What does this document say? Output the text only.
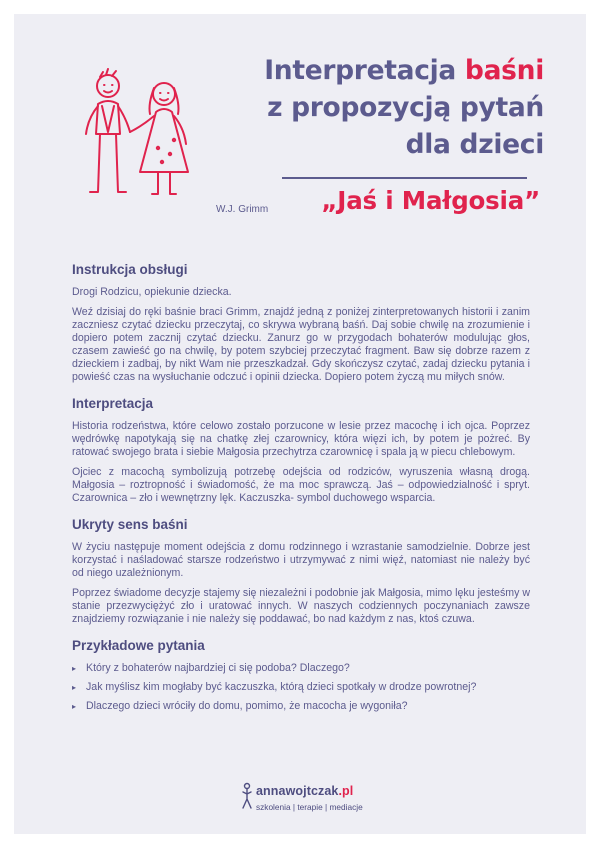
Interpretacja baśni
z propozycją pytań
dla dzieci
W.J. Grimm „Jaś i Małgosia”
Instrukcja obsługi

Drogi Rodzicu, opiekunie dziecka.

Weź dzisiaj do ręki baśnie braci Grimm, znajdź jedną z poniżej zinterpretowanych historii i zanim zaczniesz czytać dziecku przeczytaj, co skrywa wybraną baśń. Daj sobie chwilę na zrozumienie i dopiero potem zacznij czytać dziecku. Zanurz go w przygodach bohaterów modulując głos, czasem zawieść go na chwilę, by potem szybciej przeczytać fragment. Baw się dobrze razem z dzieckiem i zadbaj, by nikt Wam nie przeszkadzał. Gdy skończysz czytać, zadaj dziecku pytania i powieść czas na wysłuchanie odczuć i opinii dziecka. Dopiero potem życzą mu miłych snów.

Interpretacja

Historia rodzeństwa, które celowo zostało porzucone w lesie przez macochę i ich ojca. Poprzez wędrówkę napotykają się na chatkę złej czarownicy, która więzi ich, by potem je pożreć. By ratować swojego brata i siebie Małgosia przechytrza czarownicę i spala ją w piecu chlebowym.

Ojciec z macochą symbolizują potrzebę odejścia od rodziców, wyruszenia własną drogą. Małgosia – roztropność i świadomość, że ma moc sprawczą. Jaś – odpowiedzialność i spryt. Czarownica – zło i wewnętrzny lęk. Kaczuszka- symbol duchowego wsparcia.

Ukryty sens baśni

W życiu następuje moment odejścia z domu rodzinnego i wzrastanie samodzielnie. Dobrze jest korzystać i naśladować starsze rodzeństwo i utrzymywać z nimi więź, natomiast nie należy być od niego uzależnionym.

Poprzez świadome decyzje stajemy się niezależni i podobnie jak Małgosia, mimo lęku jesteśmy w stanie przezwyciężyć zło i uratować innych. W naszych codziennych poczynaniach zawsze znajdziemy rozwiązanie i nie należy się poddawać, bo nad każdym z nas, ktoś czuwa.

Przykładowe pytania
▸ Który z bohaterów najbardziej ci się podoba? Dlaczego?
▸ Jak myślisz kim mogłaby być kaczuszka, którą dzieci spotkały w drodze powrotnej?
▸ Dlaczego dzieci wróciły do domu, pomimo, że macocha je wygoniła?
annawojtczak.pl
szkolenia | terapie | mediacje
